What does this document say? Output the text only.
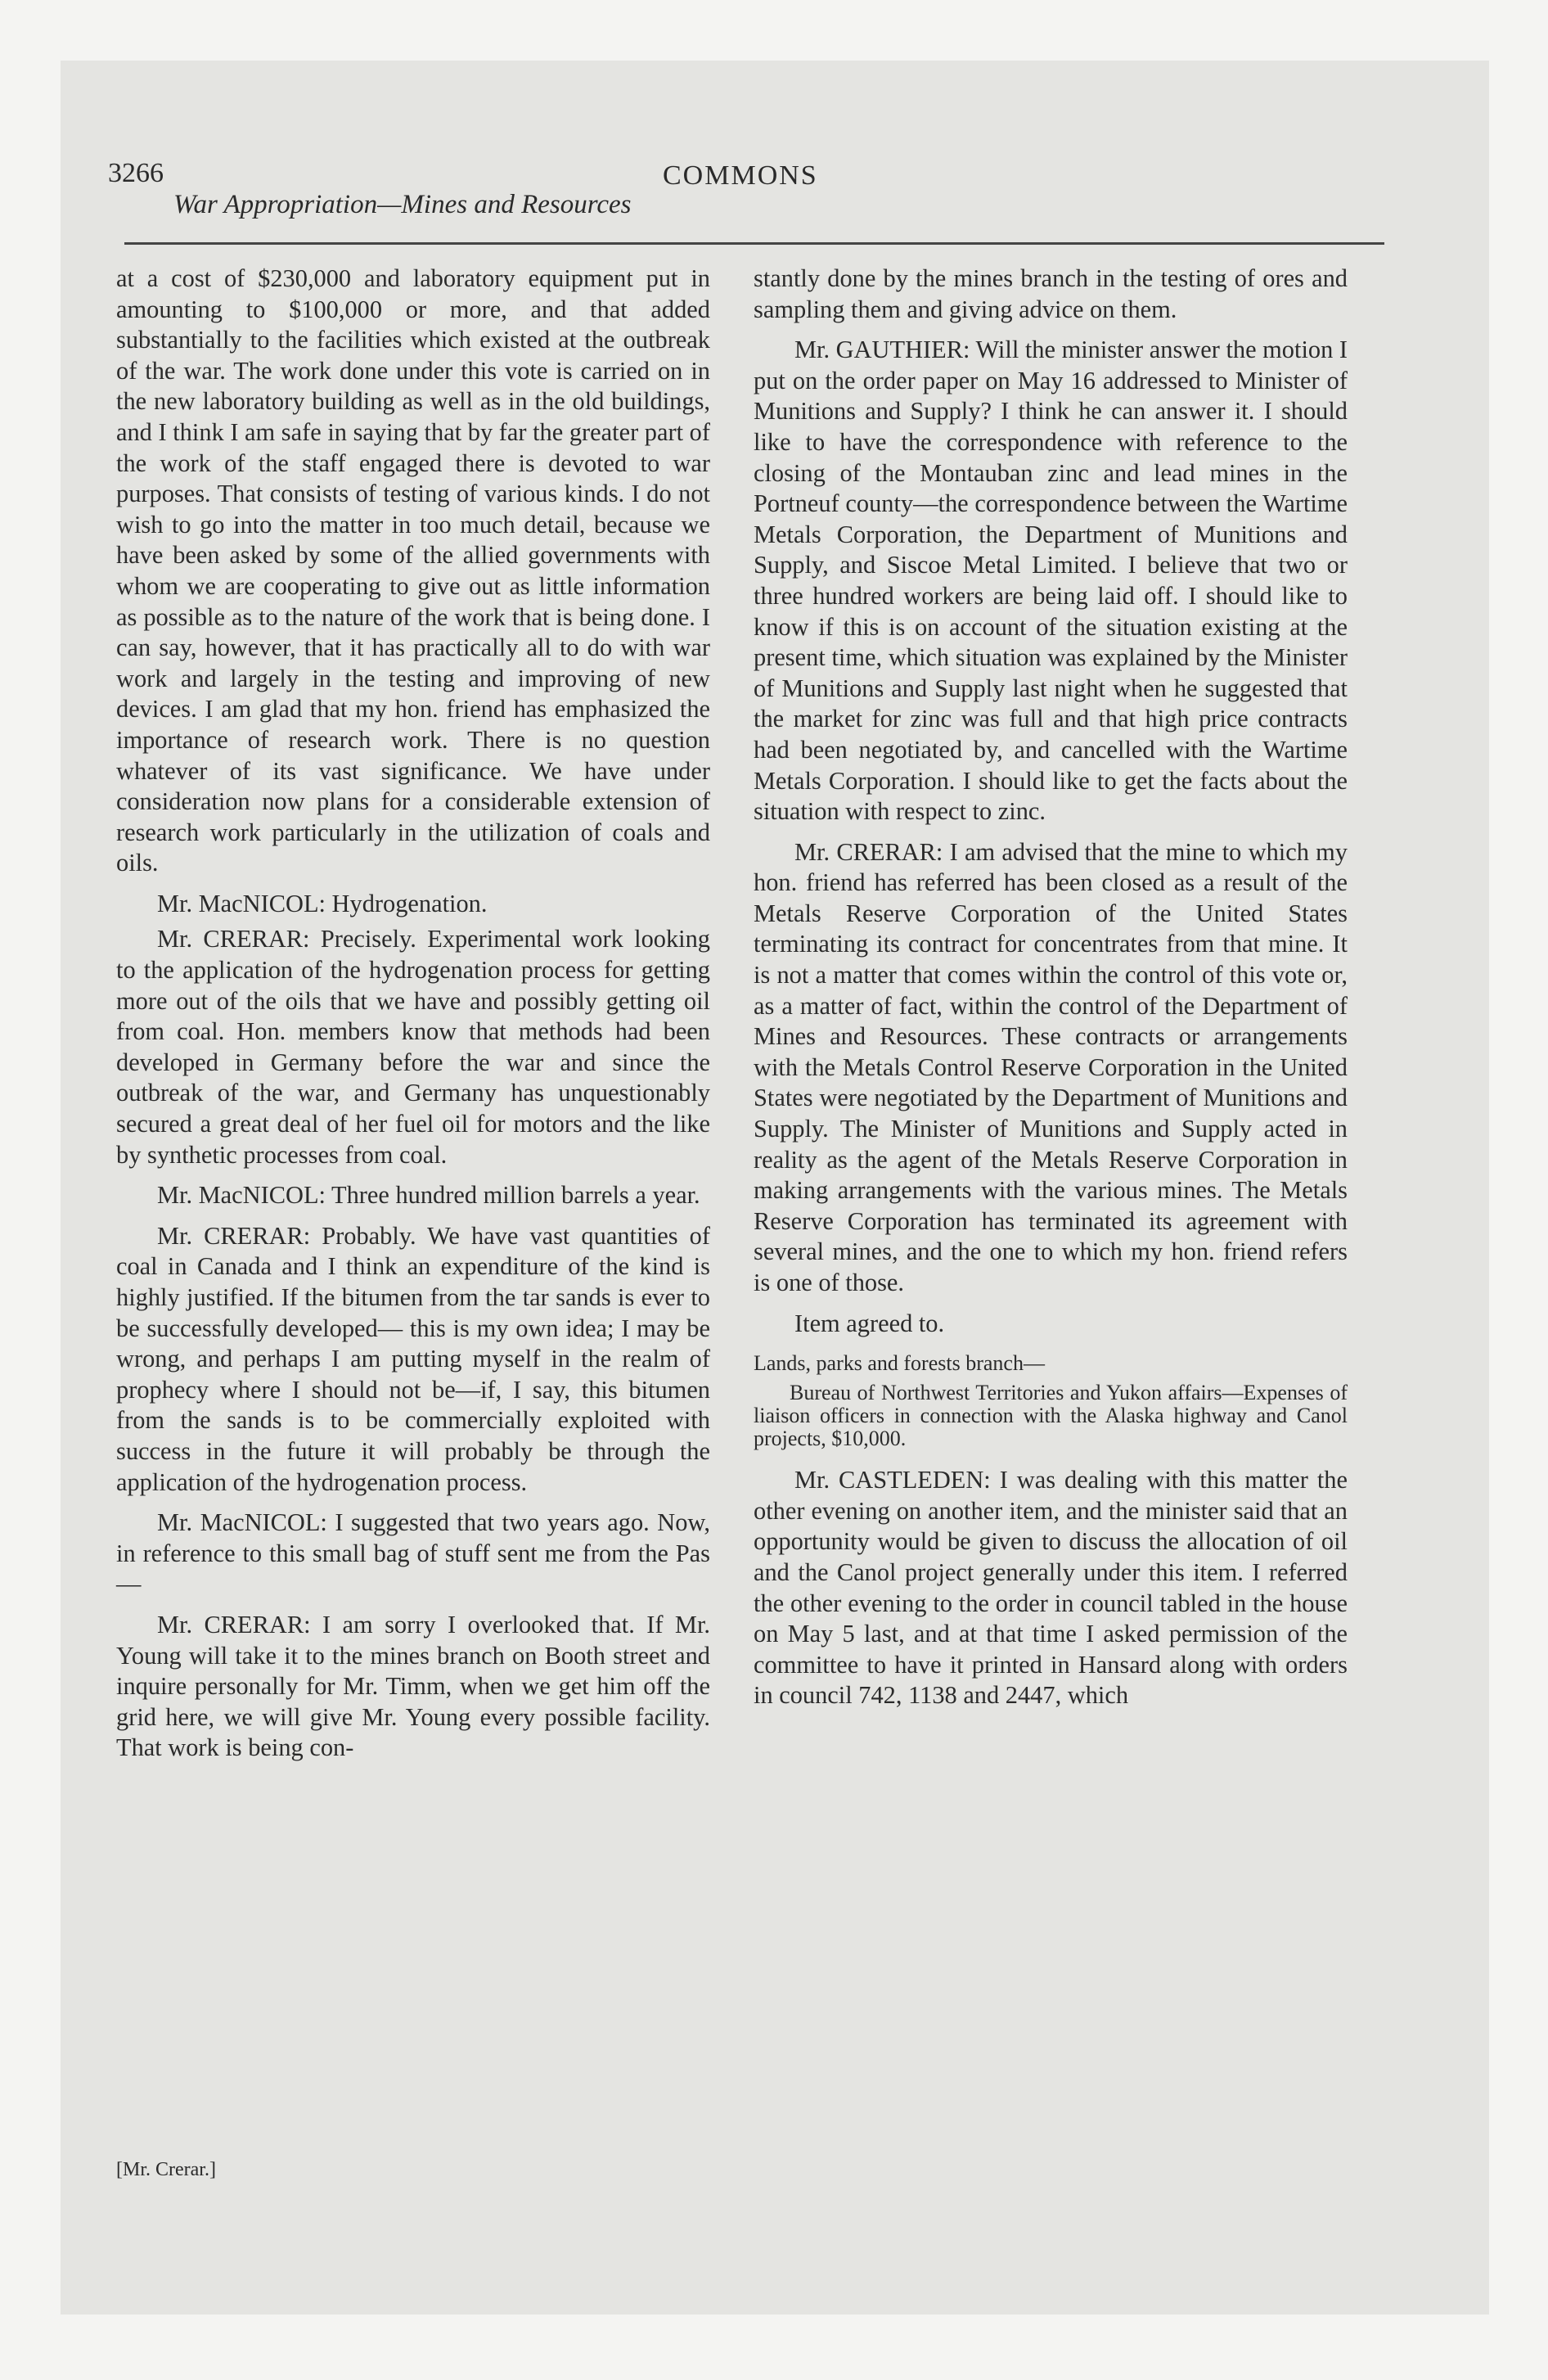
3266	COMMONS
War Appropriation—Mines and Resources

at a cost of $230,000 and laboratory equipment put in amounting to $100,000 or more, and that added substantially to the facilities which existed at the outbreak of the war. The work done under this vote is carried on in the new laboratory building as well as in the old buildings, and I think I am safe in saying that by far the greater part of the work of the staff engaged there is devoted to war purposes. That consists of testing of various kinds. I do not wish to go into the matter in too much detail, because we have been asked by some of the allied governments with whom we are cooperating to give out as little information as possible as to the nature of the work that is being done. I can say, however, that it has practically all to do with war work and largely in the testing and improving of new devices. I am glad that my hon. friend has emphasized the importance of research work. There is no question whatever of its vast significance. We have under consideration now plans for a considerable extension of research work particularly in the utilization of coals and oils.

Mr. MacNICOL: Hydrogenation.

Mr. CRERAR: Precisely. Experimental work looking to the application of the hydrogenation process for getting more out of the oils that we have and possibly getting oil from coal. Hon. members know that methods had been developed in Germany before the war and since the outbreak of the war, and Germany has unquestionably secured a great deal of her fuel oil for motors and the like by synthetic processes from coal.

Mr. MacNICOL: Three hundred million barrels a year.

Mr. CRERAR: Probably. We have vast quantities of coal in Canada and I think an expenditure of the kind is highly justified. If the bitumen from the tar sands is ever to be successfully developed— this is my own idea; I may be wrong, and perhaps I am putting myself in the realm of prophecy where I should not be—if, I say, this bitumen from the sands is to be commercially exploited with success in the future it will probably be through the application of the hydrogenation process.

Mr. MacNICOL: I suggested that two years ago. Now, in reference to this small bag of stuff sent me from the Pas—

Mr. CRERAR: I am sorry I overlooked that. If Mr. Young will take it to the mines branch on Booth street and inquire personally for Mr. Timm, when we get him off the grid here, we will give Mr. Young every possible facility. That work is being con-

stantly done by the mines branch in the testing of ores and sampling them and giving advice on them.

Mr. GAUTHIER: Will the minister answer the motion I put on the order paper on May 16 addressed to Minister of Munitions and Supply? I think he can answer it. I should like to have the correspondence with reference to the closing of the Montauban zinc and lead mines in the Portneuf county—the correspondence between the Wartime Metals Corporation, the Department of Munitions and Supply, and Siscoe Metal Limited. I believe that two or three hundred workers are being laid off. I should like to know if this is on account of the situation existing at the present time, which situation was explained by the Minister of Munitions and Supply last night when he suggested that the market for zinc was full and that high price contracts had been negotiated by, and cancelled with the Wartime Metals Corporation. I should like to get the facts about the situation with respect to zinc.

Mr. CRERAR: I am advised that the mine to which my hon. friend has referred has been closed as a result of the Metals Reserve Corporation of the United States terminating its contract for concentrates from that mine. It is not a matter that comes within the control of this vote or, as a matter of fact, within the control of the Department of Mines and Resources. These contracts or arrangements with the Metals Control Reserve Corporation in the United States were negotiated by the Department of Munitions and Supply. The Minister of Munitions and Supply acted in reality as the agent of the Metals Reserve Corporation in making arrangements with the various mines. The Metals Reserve Corporation has terminated its agreement with several mines, and the one to which my hon. friend refers is one of those.

Item agreed to.

Lands, parks and forests branch—

Bureau of Northwest Territories and Yukon affairs—Expenses of liaison officers in connection with the Alaska highway and Canol projects, $10,000.

Mr. CASTLEDEN: I was dealing with this matter the other evening on another item, and the minister said that an opportunity would be given to discuss the allocation of oil and the Canol project generally under this item. I referred the other evening to the order in council tabled in the house on May 5 last, and at that time I asked permission of the committee to have it printed in Hansard along with orders in council 742, 1138 and 2447, which

[Mr. Crerar.]
